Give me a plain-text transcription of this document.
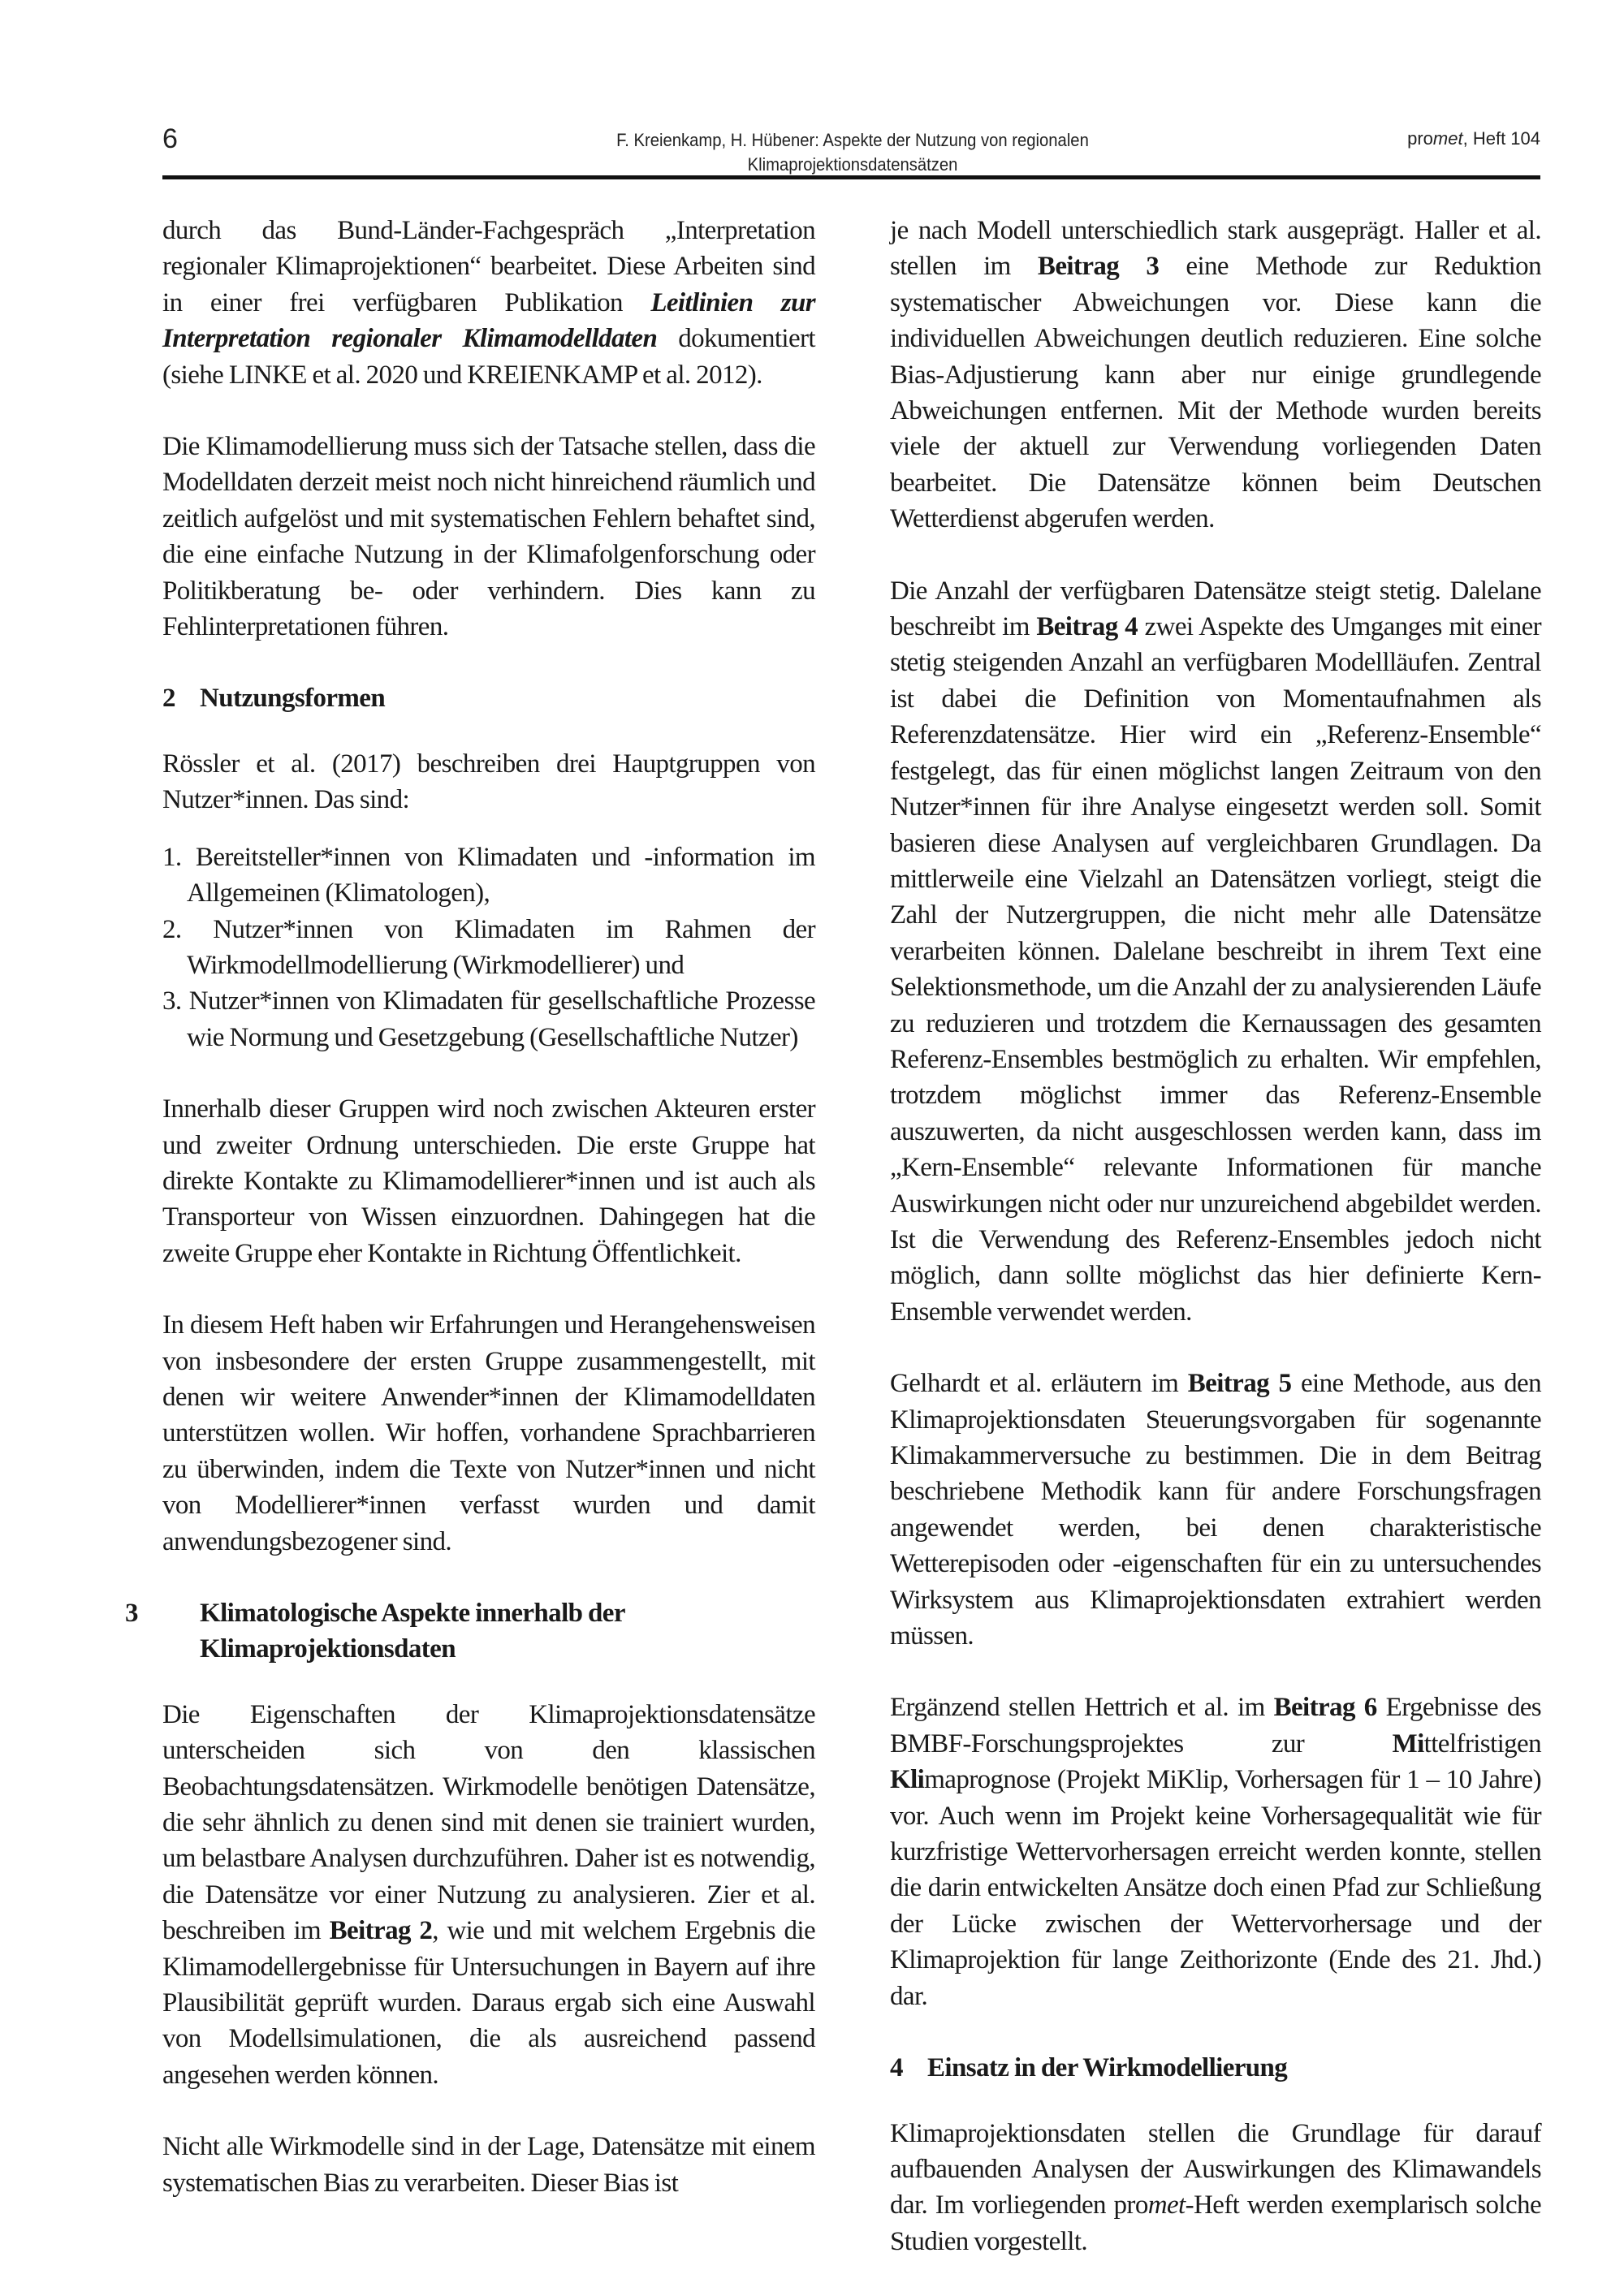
6	F. Kreienkamp, H. Hübener: Aspekte der Nutzung von regionalen
Klimaprojektionsdatensätzen
promet, Heft 104
durch das Bund-Länder-Fachgespräch „Interpretation regionaler Klimaprojektionen“ bearbeitet. Diese Arbeiten sind in einer frei verfügbaren Publikation Leitlinien zur Interpretation regionaler Klimamodelldaten dokumentiert (siehe LINKE et al. 2020 und KREIENKAMP et al. 2012).
Die Klimamodellierung muss sich der Tatsache stellen, dass die Modelldaten derzeit meist noch nicht hinreichend räumlich und zeitlich aufgelöst und mit systematischen Fehlern behaftet sind, die eine einfache Nutzung in der Klimafolgenforschung oder Politikberatung be- oder verhindern. Dies kann zu Fehlinterpretationen führen.
2 Nutzungsformen
Rössler et al. (2017) beschreiben drei Hauptgruppen von Nutzer*innen. Das sind:
1. Bereitsteller*innen von Klimadaten und -information im Allgemeinen (Klimatologen),
2. Nutzer*innen von Klimadaten im Rahmen der Wirkmodellmodellierung (Wirkmodellierer) und
3. Nutzer*innen von Klimadaten für gesellschaftliche Prozesse wie Normung und Gesetzgebung (Gesellschaftliche Nutzer)
Innerhalb dieser Gruppen wird noch zwischen Akteuren erster und zweiter Ordnung unterschieden. Die erste Gruppe hat direkte Kontakte zu Klimamodellierer*innen und ist auch als Transporteur von Wissen einzuordnen. Dahingegen hat die zweite Gruppe eher Kontakte in Richtung Öffentlichkeit.
In diesem Heft haben wir Erfahrungen und Herangehensweisen von insbesondere der ersten Gruppe zusammengestellt, mit denen wir weitere Anwender*innen der Klimamodelldaten unterstützen wollen. Wir hoffen, vorhandene Sprachbarrieren zu überwinden, indem die Texte von Nutzer*innen und nicht von Modellierer*innen verfasst wurden und damit anwendungsbezogener sind.
3 Klimatologische Aspekte innerhalb der Klimaprojektionsdaten
Die Eigenschaften der Klimaprojektionsdatensätze unterscheiden sich von den klassischen Beobachtungsdatensätzen. Wirkmodelle benötigen Datensätze, die sehr ähnlich zu denen sind mit denen sie trainiert wurden, um belastbare Analysen durchzuführen. Daher ist es notwendig, die Datensätze vor einer Nutzung zu analysieren. Zier et al. beschreiben im Beitrag 2, wie und mit welchem Ergebnis die Klimamodellergebnisse für Untersuchungen in Bayern auf ihre Plausibilität geprüft wurden. Daraus ergab sich eine Auswahl von Modellsimulationen, die als ausreichend passend angesehen werden können.
Nicht alle Wirkmodelle sind in der Lage, Datensätze mit einem systematischen Bias zu verarbeiten. Dieser Bias ist
je nach Modell unterschiedlich stark ausgeprägt. Haller et al. stellen im Beitrag 3 eine Methode zur Reduktion systematischer Abweichungen vor. Diese kann die individuellen Abweichungen deutlich reduzieren. Eine solche Bias-Adjustierung kann aber nur einige grundlegende Abweichungen entfernen. Mit der Methode wurden bereits viele der aktuell zur Verwendung vorliegenden Daten bearbeitet. Die Datensätze können beim Deutschen Wetterdienst abgerufen werden.
Die Anzahl der verfügbaren Datensätze steigt stetig. Dalelane beschreibt im Beitrag 4 zwei Aspekte des Umganges mit einer stetig steigenden Anzahl an verfügbaren Modellläufen. Zentral ist dabei die Definition von Momentaufnahmen als Referenzdatensätze. Hier wird ein „Referenz-Ensemble“ festgelegt, das für einen möglichst langen Zeitraum von den Nutzer*innen für ihre Analyse eingesetzt werden soll. Somit basieren diese Analysen auf vergleichbaren Grundlagen. Da mittlerweile eine Vielzahl an Datensätzen vorliegt, steigt die Zahl der Nutzergruppen, die nicht mehr alle Datensätze verarbeiten können. Dalelane beschreibt in ihrem Text eine Selektionsmethode, um die Anzahl der zu analysierenden Läufe zu reduzieren und trotzdem die Kernaussagen des gesamten Referenz-Ensembles bestmöglich zu erhalten. Wir empfehlen, trotzdem möglichst immer das Referenz-Ensemble auszuwerten, da nicht ausgeschlossen werden kann, dass im „Kern-Ensemble“ relevante Informationen für manche Auswirkungen nicht oder nur unzureichend abgebildet werden. Ist die Verwendung des Referenz-Ensembles jedoch nicht möglich, dann sollte möglichst das hier definierte Kern-Ensemble verwendet werden.
Gelhardt et al. erläutern im Beitrag 5 eine Methode, aus den Klimaprojektionsdaten Steuerungsvorgaben für sogenannte Klimakammerversuche zu bestimmen. Die in dem Beitrag beschriebene Methodik kann für andere Forschungsfragen angewendet werden, bei denen charakteristische Wetterepisoden oder -eigenschaften für ein zu untersuchendes Wirksystem aus Klimaprojektionsdaten extrahiert werden müssen.
Ergänzend stellen Hettrich et al. im Beitrag 6 Ergebnisse des BMBF-Forschungsprojektes zur Mittelfristigen Klimaprognose (Projekt MiKlip, Vorhersagen für 1 – 10 Jahre) vor. Auch wenn im Projekt keine Vorhersagequalität wie für kurzfristige Wettervorhersagen erreicht werden konnte, stellen die darin entwickelten Ansätze doch einen Pfad zur Schließung der Lücke zwischen der Wettervorhersage und der Klimaprojektion für lange Zeithorizonte (Ende des 21. Jhd.) dar.
4 Einsatz in der Wirkmodellierung
Klimaprojektionsdaten stellen die Grundlage für darauf aufbauenden Analysen der Auswirkungen des Klimawandels dar. Im vorliegenden promet-Heft werden exemplarisch solche Studien vorgestellt.
